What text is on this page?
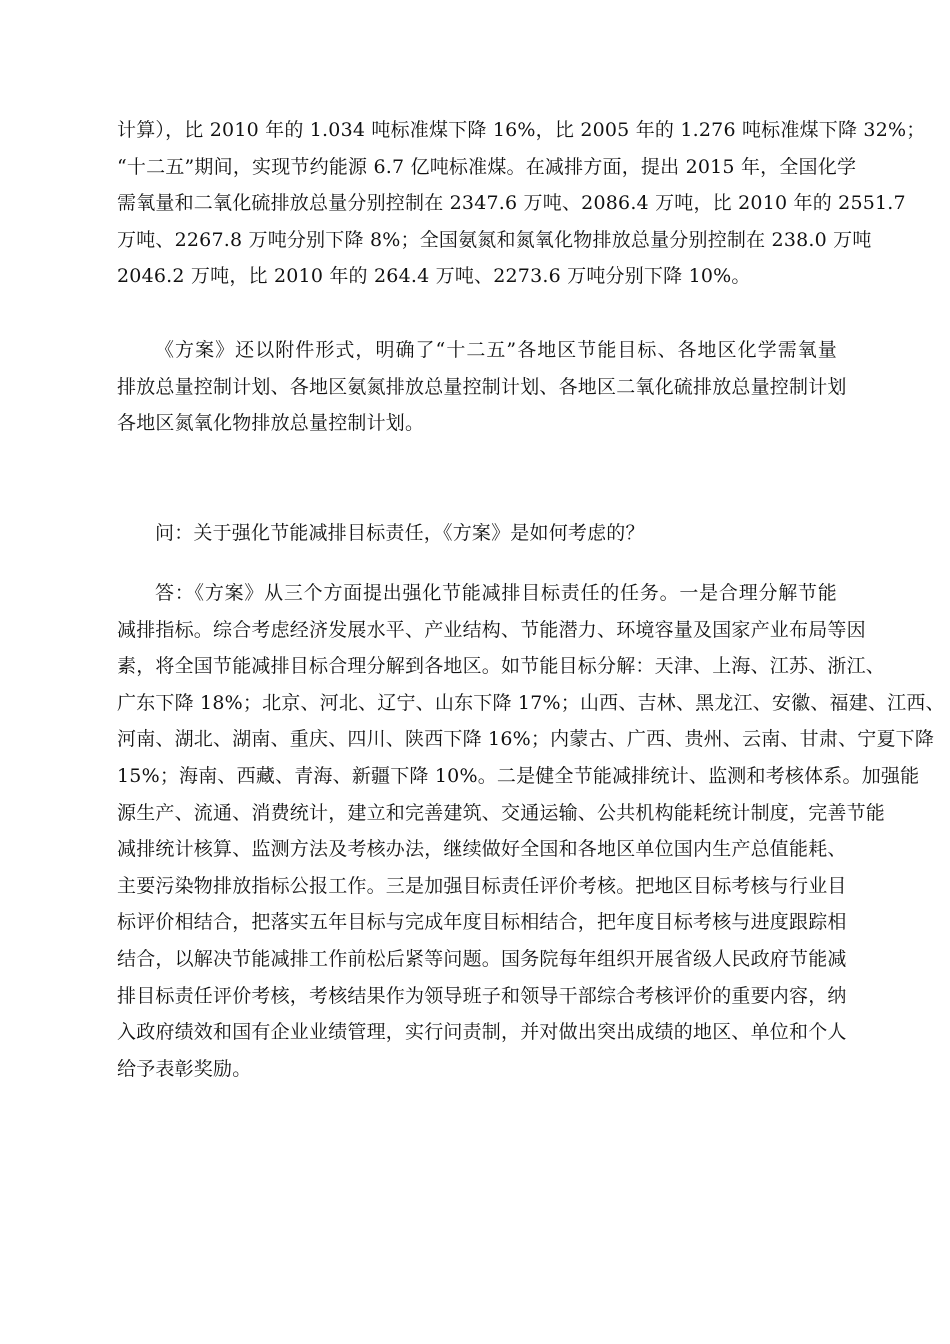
计算），比 2010 年的 1.034 吨标准煤下降 16%，比 2005 年的 1.276 吨标准煤下降 32%；
“十二五”期间，实现节约能源 6.7 亿吨标准煤。在减排方面，提出 2015 年，全国化学
需氧量和二氧化硫排放总量分别控制在 2347.6 万吨、2086.4 万吨，比 2010 年的 2551.7
万吨、2267.8 万吨分别下降 8%；全国氨氮和氮氧化物排放总量分别控制在 238.0 万吨
2046.2 万吨，比 2010 年的 264.4 万吨、2273.6 万吨分别下降 10%。

《方案》还以附件形式，明确了“十二五”各地区节能目标、各地区化学需氧量
排放总量控制计划、各地区氨氮排放总量控制计划、各地区二氧化硫排放总量控制计划
各地区氮氧化物排放总量控制计划。

问：关于强化节能减排目标责任，《方案》是如何考虑的？

答：《方案》从三个方面提出强化节能减排目标责任的任务。一是合理分解节能
减排指标。综合考虑经济发展水平、产业结构、节能潜力、环境容量及国家产业布局等因
素，将全国节能减排目标合理分解到各地区。如节能目标分解：天津、上海、江苏、浙江、
广东下降 18%；北京、河北、辽宁、山东下降 17%；山西、吉林、黑龙江、安徽、福建、江西、
河南、湖北、湖南、重庆、四川、陕西下降 16%；内蒙古、广西、贵州、云南、甘肃、宁夏下降
15%；海南、西藏、青海、新疆下降 10%。二是健全节能减排统计、监测和考核体系。加强能
源生产、流通、消费统计，建立和完善建筑、交通运输、公共机构能耗统计制度，完善节能
减排统计核算、监测方法及考核办法，继续做好全国和各地区单位国内生产总值能耗、
主要污染物排放指标公报工作。三是加强目标责任评价考核。把地区目标考核与行业目
标评价相结合，把落实五年目标与完成年度目标相结合，把年度目标考核与进度跟踪相
结合，以解决节能减排工作前松后紧等问题。国务院每年组织开展省级人民政府节能减
排目标责任评价考核，考核结果作为领导班子和领导干部综合考核评价的重要内容，纳
入政府绩效和国有企业业绩管理，实行问责制，并对做出突出成绩的地区、单位和个人
给予表彰奖励。
